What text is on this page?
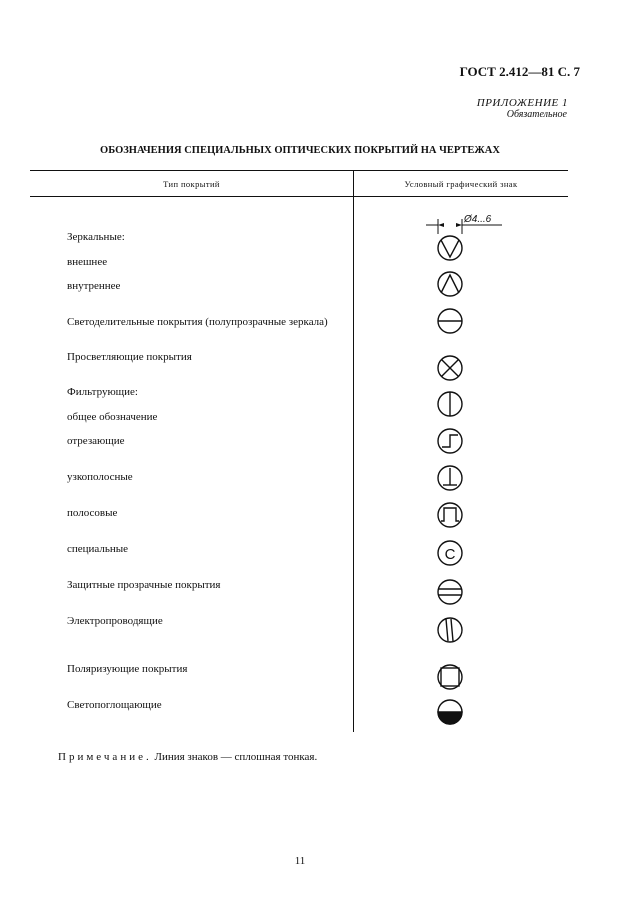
ГОСТ 2.412—81 С. 7
ПРИЛОЖЕНИЕ 1
Обязательное
ОБОЗНАЧЕНИЯ СПЕЦИАЛЬНЫХ ОПТИЧЕСКИХ ПОКРЫТИЙ НА ЧЕРТЕЖАХ
Тип покрытий	Условный графический знак
Зеркальные:
внешнее
внутреннее
Светоделительные покрытия (полупрозрачные зеркала)
Просветляющие покрытия
Фильтрующие:
общее обозначение
отрезающие
узкополосные
полосовые
специальные
Защитные прозрачные покрытия
Электропроводящие
Поляризующие покрытия
Светопоглощающие
Ø4...6
C
Примечание. Линия знаков — сплошная тонкая.
11
